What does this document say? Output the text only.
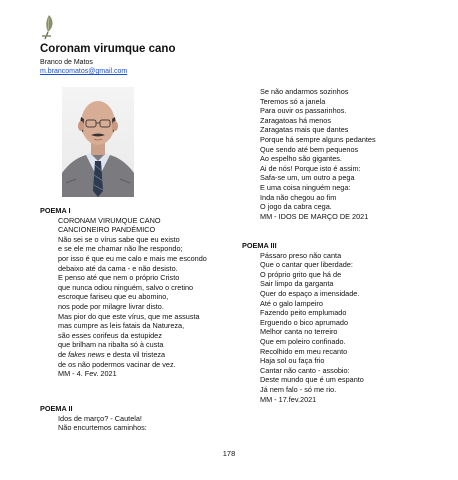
Coronam virumque cano
Branco de Matos
m.brancomatos@gmail.com
POEMA I
CORONAM VIRUMQUE CANO
CANCIONEIRO PANDÉMICO
Não sei se o vírus sabe que eu existo
e se ele me chamar não lhe respondo;
por isso é que eu me calo e mais me escondo
debaixo até da cama - e não desisto.
E penso até que nem o próprio Cristo
que nunca odiou ninguém, salvo o cretino
escroque fariseu que eu abomino,
nos pode por milagre livrar disto.
Mas pior do que este vírus, que me assusta
mas cumpre as leis fatais da Natureza,
são esses corifeus da estupidez
que brilham na ribalta só à custa
de fakes news e desta vil tristeza
de os não podermos vacinar de vez.
MM - 4. Fev. 2021
POEMA II
Idos de março? - Cautela!
Não encurtemos caminhos:
Se não andarmos sozinhos
Teremos só a janela
Para ouvir os passarinhos.
Zaragatoas há menos
Zaragatas mais que dantes
Porque há sempre alguns pedantes
Que sendo até bem pequenos
Ao espelho são gigantes.
Ai de nós! Porque isto é assim:
Safa-se um, um outro a pega
E uma coisa ninguém nega:
Inda não chegou ao fim
O jogo da cabra cega.
MM - IDOS DE MARÇO DE 2021
POEMA III
Pássaro preso não canta
Que o cantar quer liberdade:
O próprio grito que há de
Sair limpo da garganta
Quer do espaço a imensidade.
Até o galo lampeiro
Fazendo peito emplumado
Erguendo o bico aprumado
Melhor canta no terreiro
Que em poleiro confinado.
Recolhido em meu recanto
Haja sol ou faça frio
Cantar não canto - assobio:
Deste mundo que é um espanto
Já nem falo - só me rio.
MM - 17.fev.2021
178
